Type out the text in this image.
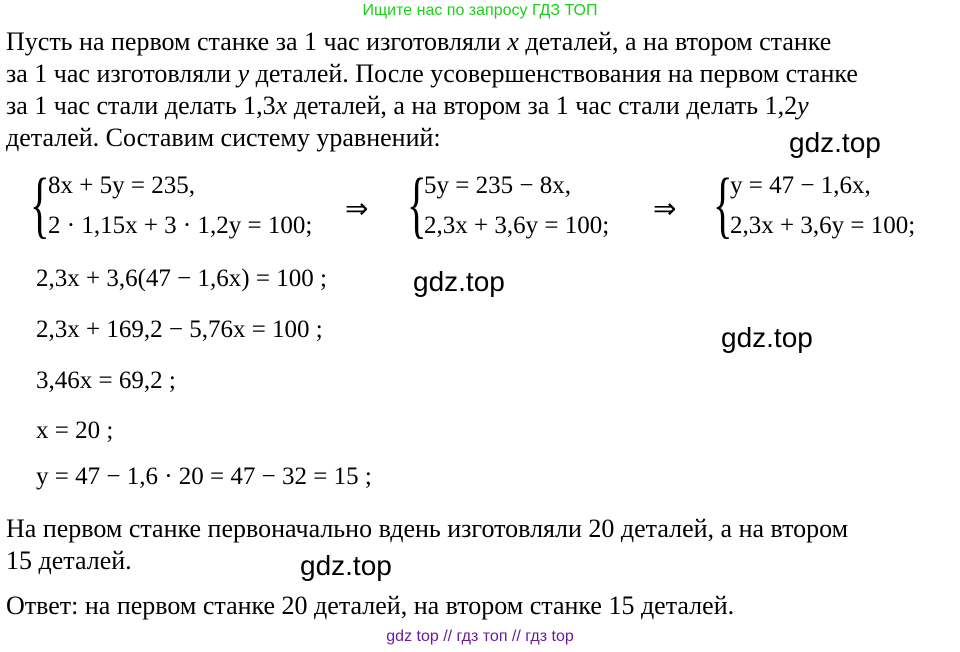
Ищите нас по запросу ГДЗ ТОП
Пусть на первом станке за 1 час изготовляли x деталей, а на втором станке
за 1 час изготовляли y деталей. После усовершенствования на первом станке
за 1 час стали делать 1,3x деталей, а на втором за 1 час стали делать 1,2y
деталей. Составим систему уравнений:	gdz.top
{
8x + 5y = 235,
2 · 1,15x + 3 · 1,2y = 100;
⇒ {
5y = 235 − 8x,
2,3x + 3,6y = 100;
⇒ {
y = 47 − 1,6x,
2,3x + 3,6y = 100;
2,3x + 3,6(47 − 1,6x) = 100 ;	gdz.top
2,3x + 169,2 − 5,76x = 100 ;	gdz.top
3,46x = 69,2 ;
x = 20 ;
y = 47 − 1,6 · 20 = 47 − 32 = 15 ;
На первом станке первоначально вдень изготовляли 20 деталей, а на втором
15 деталей.	gdz.top
Ответ: на первом станке 20 деталей, на втором станке 15 деталей.
gdz top // гдз топ // гдз top
